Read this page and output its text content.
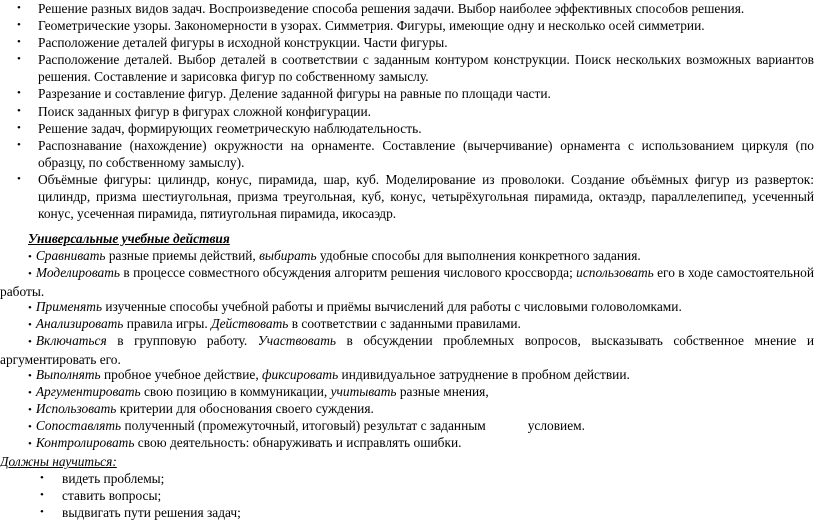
• Решение разных видов задач. Воспроизведение способа решения задачи. Выбор наиболее эффективных способов решения.
• Геометрические узоры. Закономерности в узорах. Симметрия. Фигуры, имеющие одну и несколько осей симметрии.
• Расположение деталей фигуры в исходной конструкции. Части фигуры.
• Расположение деталей. Выбор деталей в соответствии с заданным контуром конструкции. Поиск нескольких возможных вариантов решения. Составление и зарисовка фигур по собственному замыслу.
• Разрезание и составление фигур. Деление заданной фигуры на равные по площади части.
• Поиск заданных фигур в фигурах сложной конфигурации.
• Решение задач, формирующих геометрическую наблюдательность.
• Распознавание (нахождение) окружности на орнаменте. Составление (вычерчивание) орнамента с использованием циркуля (по образцу, по собственному замыслу).
• Объёмные фигуры: цилиндр, конус, пирамида, шар, куб. Моделирование из проволоки. Создание объёмных фигур из разверток: цилиндр, призма шестиугольная, призма треугольная, куб, конус, четырёхугольная пирамида, октаэдр, параллелепипед, усеченный конус, усеченная пирамида, пятиугольная пирамида, икосаэдр.
Универсальные учебные действия
• Сравнивать разные приемы действий, выбирать удобные способы для выполнения конкретного задания.
• Моделировать в процессе совместного обсуждения алгоритм решения числового кроссворда; использовать его в ходе самостоятельной работы.
• Применять изученные способы учебной работы и приёмы вычислений для работы с числовыми головоломками.
• Анализировать правила игры. Действовать в соответствии с заданными правилами.
• Включаться в групповую работу. Участвовать в обсуждении проблемных вопросов, высказывать собственное мнение и аргументировать его.
• Выполнять пробное учебное действие, фиксировать индивидуальное затруднение в пробном действии.
• Аргументировать свою позицию в коммуникации, учитывать разные мнения,
• Использовать критерии для обоснования своего суждения.
• Сопоставлять полученный (промежуточный, итоговый) результат с заданным	условием.
• Контролировать свою деятельность: обнаруживать и исправлять ошибки.
Должны научиться:
• видеть проблемы;
• ставить вопросы;
• выдвигать пути решения задач;
